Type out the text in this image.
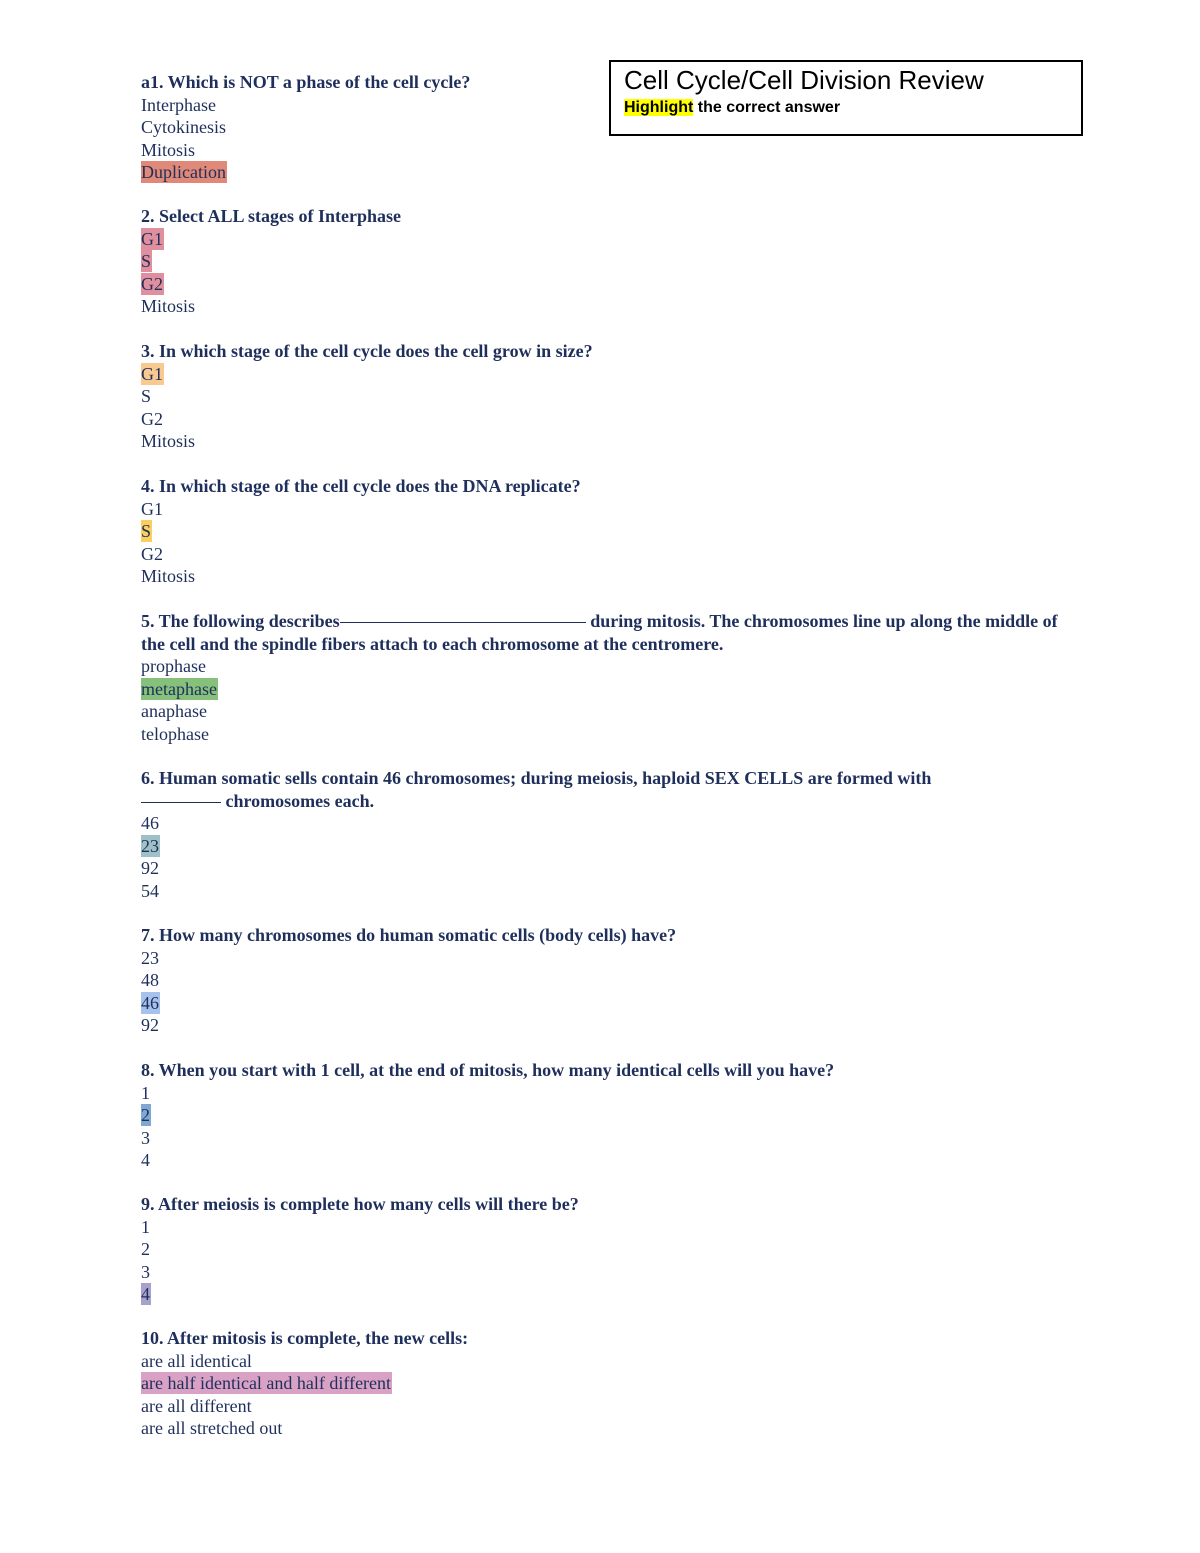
Cell Cycle/Cell Division Review
Highlight the correct answer

a1. Which is NOT a phase of the cell cycle?

Interphase
Cytokinesis
Mitosis
Duplication

2. Select ALL stages of Interphase

G1
S
G2
Mitosis

3. In which stage of the cell cycle does the cell grow in size?

G1
S
G2
Mitosis

4. In which stage of the cell cycle does the DNA replicate?

G1
S
G2
Mitosis

5. The following describes	during mitosis. The chromosomes line up along the middle of the cell and the spindle fibers attach to each chromosome at the centromere.

prophase
metaphase
anaphase
telophase

6. Human somatic sells contain 46 chromosomes; during meiosis, haploid SEX CELLS are formed with
chromosomes each.

46
23
92
54

7. How many chromosomes do human somatic cells (body cells) have?

23
48
46
92

8. When you start with 1 cell, at the end of mitosis, how many identical cells will you have?

1
2
3
4

9. After meiosis is complete how many cells will there be?

1
2
3
4

10. After mitosis is complete, the new cells:

are all identical
are half identical and half different
are all different
are all stretched out
